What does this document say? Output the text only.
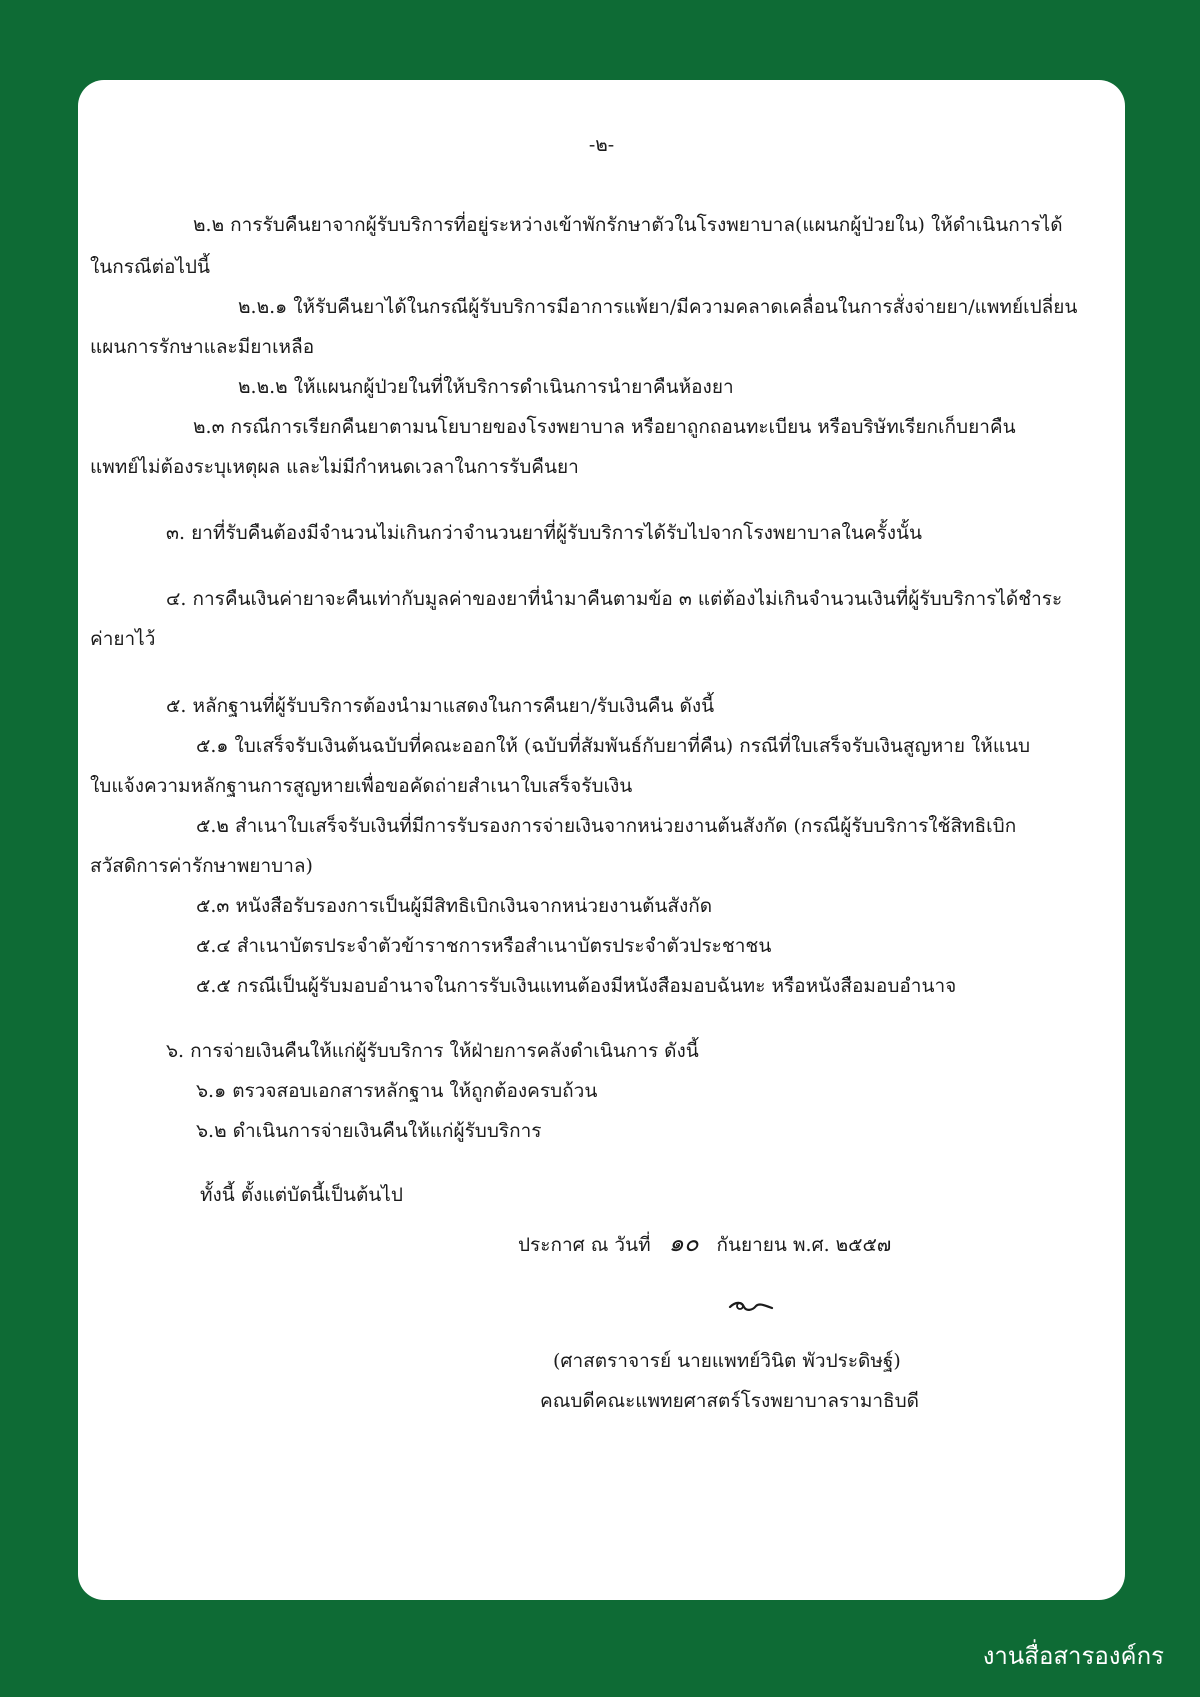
-๒-
๒.๒ การรับคืนยาจากผู้รับบริการที่อยู่ระหว่างเข้าพักรักษาตัวในโรงพยาบาล(แผนกผู้ป่วยใน) ให้ดำเนินการได้
ในกรณีต่อไปนี้
๒.๒.๑ ให้รับคืนยาได้ในกรณีผู้รับบริการมีอาการแพ้ยา/มีความคลาดเคลื่อนในการสั่งจ่ายยา/แพทย์เปลี่ยน
แผนการรักษาและมียาเหลือ
๒.๒.๒ ให้แผนกผู้ป่วยในที่ให้บริการดำเนินการนำยาคืนห้องยา
๒.๓ กรณีการเรียกคืนยาตามนโยบายของโรงพยาบาล หรือยาถูกถอนทะเบียน หรือบริษัทเรียกเก็บยาคืน
แพทย์ไม่ต้องระบุเหตุผล และไม่มีกำหนดเวลาในการรับคืนยา
๓. ยาที่รับคืนต้องมีจำนวนไม่เกินกว่าจำนวนยาที่ผู้รับบริการได้รับไปจากโรงพยาบาลในครั้งนั้น
๔. การคืนเงินค่ายาจะคืนเท่ากับมูลค่าของยาที่นำมาคืนตามข้อ ๓ แต่ต้องไม่เกินจำนวนเงินที่ผู้รับบริการได้ชำระ
ค่ายาไว้
๕. หลักฐานที่ผู้รับบริการต้องนำมาแสดงในการคืนยา/รับเงินคืน ดังนี้
๕.๑ ใบเสร็จรับเงินต้นฉบับที่คณะออกให้ (ฉบับที่สัมพันธ์กับยาที่คืน) กรณีที่ใบเสร็จรับเงินสูญหาย ให้แนบ
ใบแจ้งความหลักฐานการสูญหายเพื่อขอคัดถ่ายสำเนาใบเสร็จรับเงิน
๕.๒ สำเนาใบเสร็จรับเงินที่มีการรับรองการจ่ายเงินจากหน่วยงานต้นสังกัด (กรณีผู้รับบริการใช้สิทธิเบิก
สวัสดิการค่ารักษาพยาบาล)
๕.๓ หนังสือรับรองการเป็นผู้มีสิทธิเบิกเงินจากหน่วยงานต้นสังกัด
๕.๔ สำเนาบัตรประจำตัวข้าราชการหรือสำเนาบัตรประจำตัวประชาชน
๕.๕ กรณีเป็นผู้รับมอบอำนาจในการรับเงินแทนต้องมีหนังสือมอบฉันทะ หรือหนังสือมอบอำนาจ
๖. การจ่ายเงินคืนให้แก่ผู้รับบริการ ให้ฝ่ายการคลังดำเนินการ ดังนี้
๖.๑ ตรวจสอบเอกสารหลักฐาน ให้ถูกต้องครบถ้วน
๖.๒ ดำเนินการจ่ายเงินคืนให้แก่ผู้รับบริการ
ทั้งนี้ ตั้งแต่บัดนี้เป็นต้นไป
ประกาศ ณ วันที่ ๑๐ กันยายน พ.ศ. ๒๕๕๗
(ศาสตราจารย์ นายแพทย์วินิต พัวประดิษฐ์)
คณบดีคณะแพทยศาสตร์โรงพยาบาลรามาธิบดี
งานสื่อสารองค์กร
